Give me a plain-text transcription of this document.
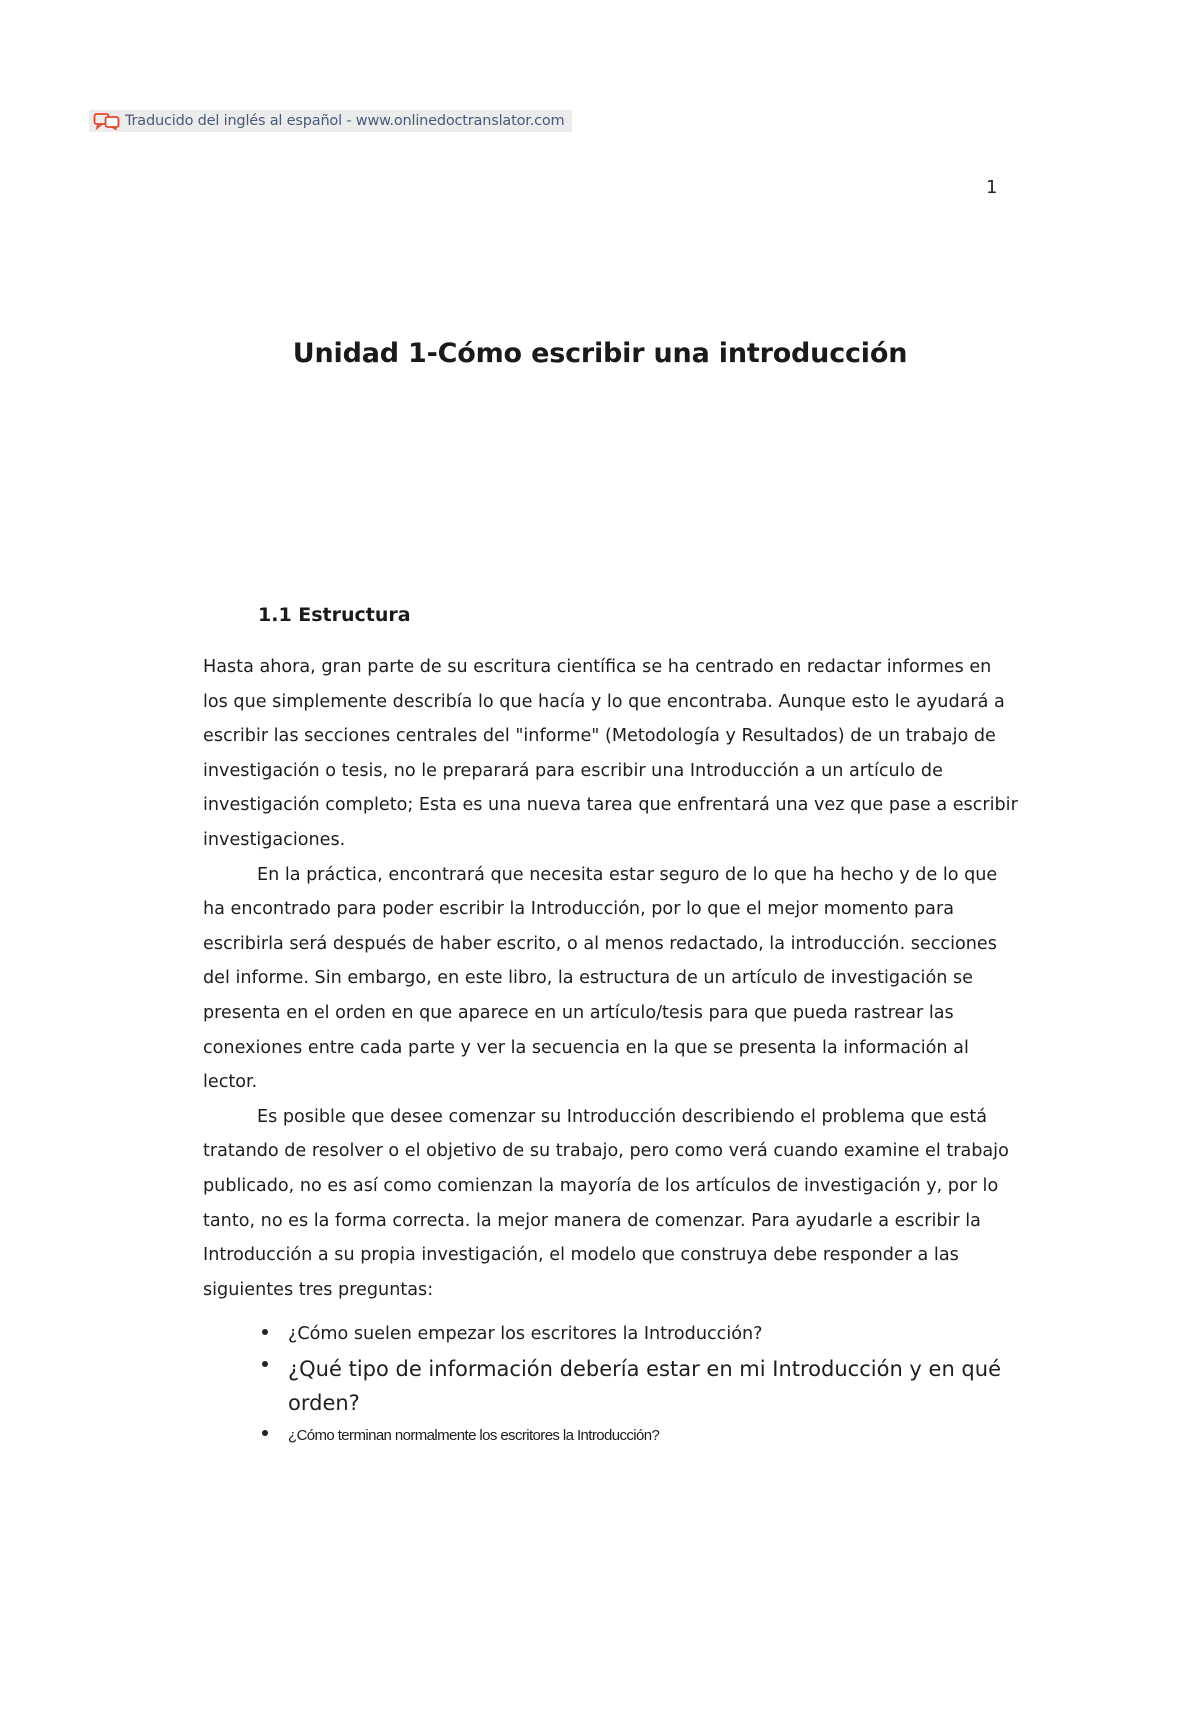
Traducido del inglés al español - www.onlinedoctranslator.com
1
Unidad 1-Cómo escribir una introducción
1.1 Estructura

Hasta ahora, gran parte de su escritura científica se ha centrado en redactar informes en los que simplemente describía lo que hacía y lo que encontraba. Aunque esto le ayudará a escribir las secciones centrales del "informe" (Metodología y Resultados) de un trabajo de investigación o tesis, no le preparará para escribir una Introducción a un artículo de investigación completo; Esta es una nueva tarea que enfrentará una vez que pase a escribir investigaciones.

En la práctica, encontrará que necesita estar seguro de lo que ha hecho y de lo que ha encontrado para poder escribir la Introducción, por lo que el mejor momento para escribirla será después de haber escrito, o al menos redactado, la introducción. secciones del informe. Sin embargo, en este libro, la estructura de un artículo de investigación se presenta en el orden en que aparece en un artículo/tesis para que pueda rastrear las conexiones entre cada parte y ver la secuencia en la que se presenta la información al lector.

Es posible que desee comenzar su Introducción describiendo el problema que está tratando de resolver o el objetivo de su trabajo, pero como verá cuando examine el trabajo publicado, no es así como comienzan la mayoría de los artículos de investigación y, por lo tanto, no es la forma correcta. la mejor manera de comenzar. Para ayudarle a escribir la Introducción a su propia investigación, el modelo que construya debe responder a las siguientes tres preguntas:

¿Cómo suelen empezar los escritores la Introducción?
¿Qué tipo de información debería estar en mi Introducción y en qué orden?
¿Cómo terminan normalmente los escritores la Introducción?
